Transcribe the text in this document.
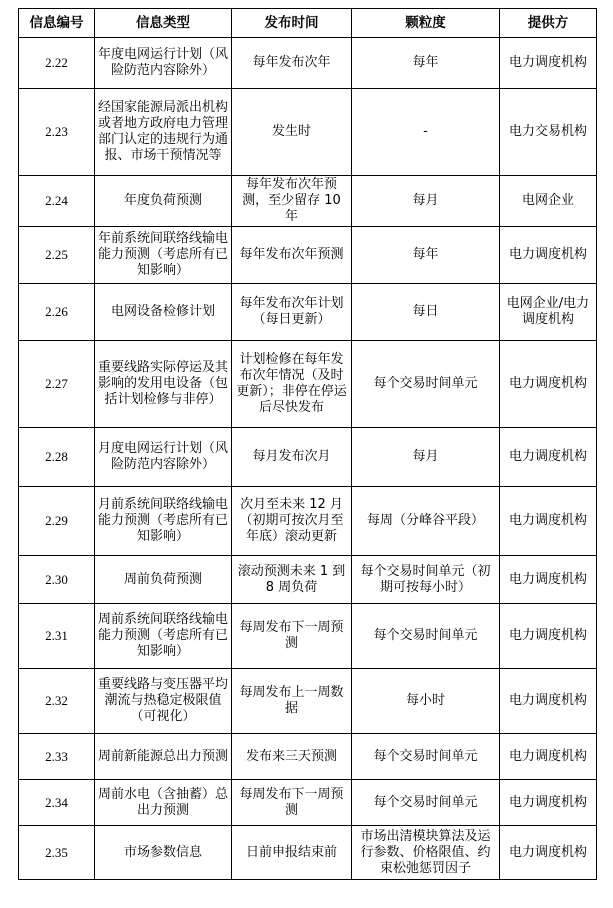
信息编号	信息类型	发布时间	颗粒度	提供方
2.22	年度电网运行计划（风险防范内容除外）	每年发布次年	每年	电力调度机构
2.23	经国家能源局派出机构或者地方政府电力管理部门认定的违规行为通报、市场干预情况等	发生时	-	电力交易机构
2.24	年度负荷预测	每年发布次年预测，至少留存 10 年	每月	电网企业
2.25	年前系统间联络线输电能力预测（考虑所有已知影响）	每年发布次年预测	每年	电力调度机构
2.26	电网设备检修计划	每年发布次年计划（每日更新）	每日	电网企业/电力调度机构
2.27	重要线路实际停运及其影响的发用电设备（包括计划检修与非停）	计划检修在每年发布次年情况（及时更新）；非停在停运后尽快发布	每个交易时间单元	电力调度机构
2.28	月度电网运行计划（风险防范内容除外）	每月发布次月	每月	电力调度机构
2.29	月前系统间联络线输电能力预测（考虑所有已知影响）	次月至未来 12 月（初期可按次月至年底）滚动更新	每周（分峰谷平段）	电力调度机构
2.30	周前负荷预测	滚动预测未来 1 到 8 周负荷	每个交易时间单元（初期可按每小时）	电力调度机构
2.31	周前系统间联络线输电能力预测（考虑所有已知影响）	每周发布下一周预测	每个交易时间单元	电力调度机构
2.32	重要线路与变压器平均潮流与热稳定极限值（可视化）	每周发布上一周数据	每小时	电力调度机构
2.33	周前新能源总出力预测	发布来三天预测	每个交易时间单元	电力调度机构
2.34	周前水电（含抽蓄）总出力预测	每周发布下一周预测	每个交易时间单元	电力调度机构
2.35	市场参数信息	日前申报结束前	市场出清模块算法及运行参数、价格限值、约束松弛惩罚因子	电力调度机构
